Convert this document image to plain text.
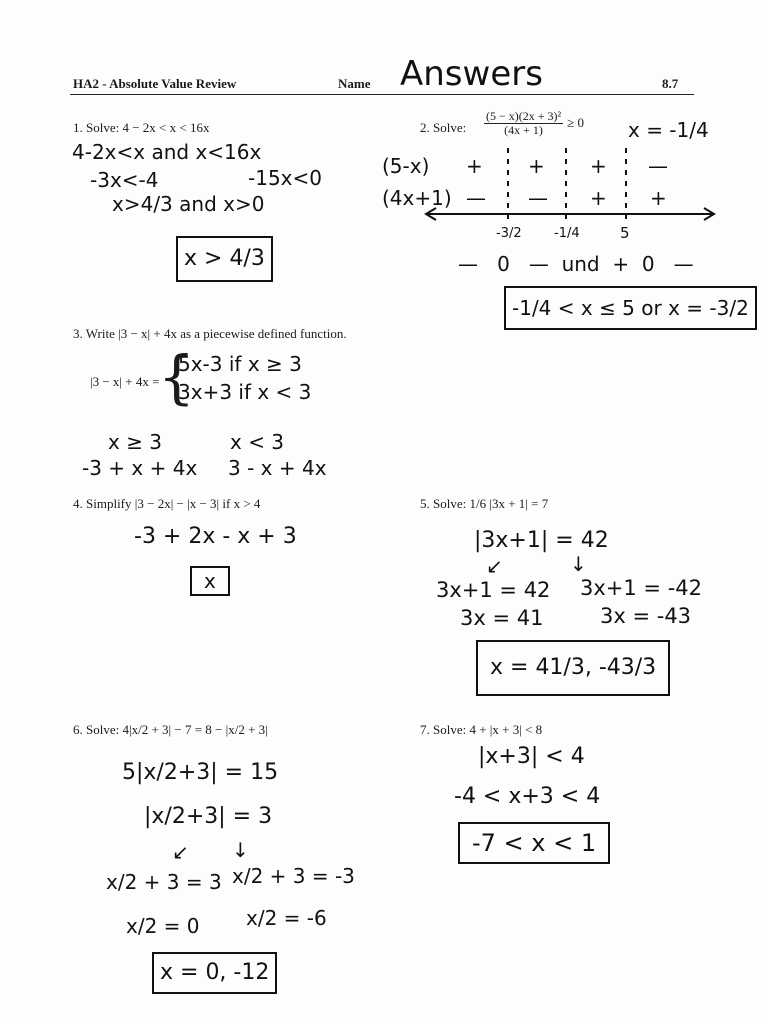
HA2 - Absolute Value Review	Name Answers	8.7
1. Solve: 4 − 2x < x < 16x
4-2x<x and x<16x
-3x<-4	-15x<0
x>4/3 and x>0
x > 4/3
2. Solve: $\frac{\text{(5 − x)(2x + 3)²}}{(4x + 1)} \ge 0$ x = -1/4
(5-x) + + + —
(4x+1) — — + +
-3/2 -1/4	5
—   0   —  und  +  0   —
-1/4 < x ≤ 5 or x = -3/2
3. Write |3 − x| + 4x as a piecewise defined function.
|3 − x| + 4x =
{
5x-3 if x ≥ 3
3x+3 if x < 3
x ≥ 3
-3 + x + 4x
x < 3
3 - x + 4x
4. Simplify |3 − 2x| − |x − 3| if x > 4
-3 + 2x - x + 3
x
5. Solve: 1/6 |3x + 1| = 7
|3x+1| = 42
↙	↓
3x+1 = 42 3x+1 = -42
3x = 41	3x = -43
x = 41/3, -43/3
6. Solve: 4|x/2 + 3| − 7 = 8 − |x/2 + 3|
5|x/2+3| = 15
|x/2+3| = 3
↙ ↓
x/2 + 3 = 3 x/2 + 3 = -3
x/2 = 0 x/2 = -6
x = 0, -12
7. Solve: 4 + |x + 3| < 8
|x+3| < 4
-4 < x+3 < 4
-7 < x < 1
